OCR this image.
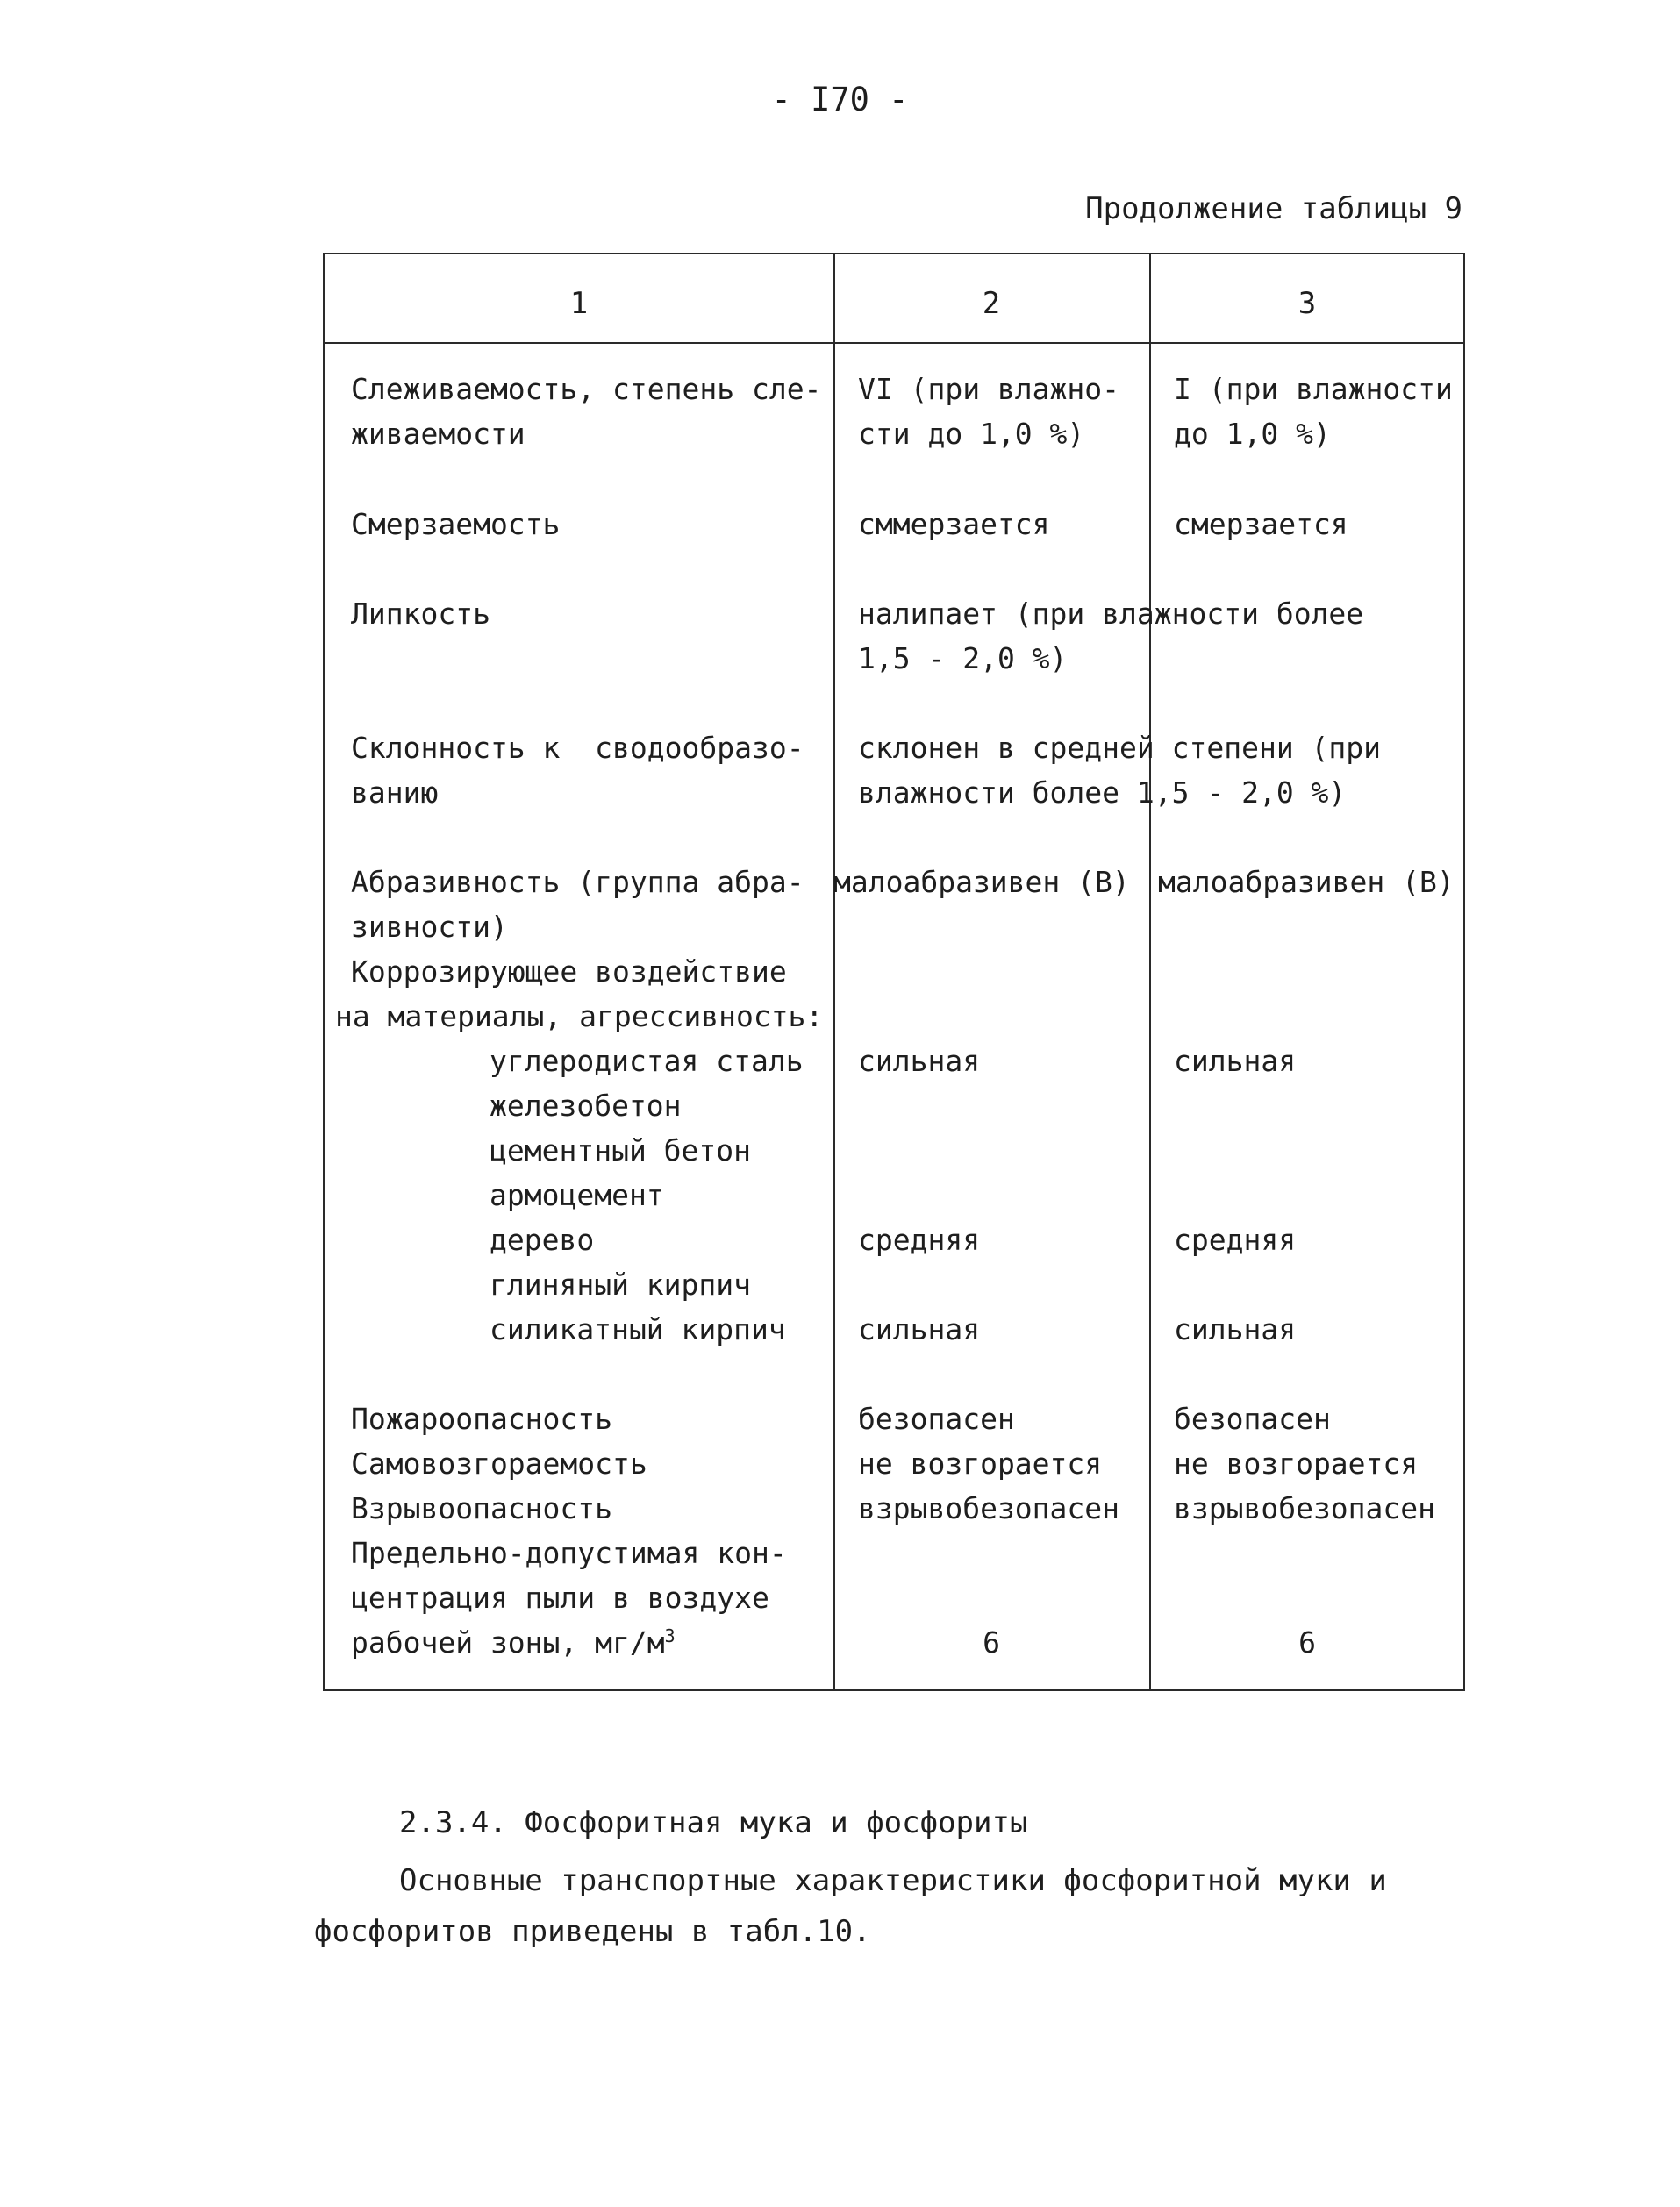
- I70 -
Продолжение таблицы 9
1	2	3
Слеживаемость, степень сле-
живаемости
Смерзаемость
Липкость
Склонность к  сводообразо-
ванию
Абразивность (группа абра-
зивности)
Коррозирующее воздействие
на материалы, агрессивность:
углеродистая сталь
железобетон
цементный бетон
армоцемент
дерево
глиняный кирпич
силикатный кирпич
Пожароопасность
Самовозгораемость
Взрывоопасность
Предельно-допустимая кон-
центрация пыли в воздухе
рабочей зоны, $мг/м^3$
VI (при влажно-
сти до 1,0 %)
сммерзается
налипает (при влажности более
1,5 - 2,0 %)
склонен в средней степени (при
влажности более 1,5 - 2,0 %)
малоабразивен (В)
сильная
средняя
сильная
безопасен
не возгорается
взрывобезопасен
6
I (при влажности
до 1,0 %)
смерзается
малоабразивен (В)
сильная
средняя
сильная
безопасен
не возгорается
взрывобезопасен
6
2.3.4. Фосфоритная мука и фосфориты
Основные транспортные характеристики фосфоритной муки и фосфоритов приведены в табл.10.
